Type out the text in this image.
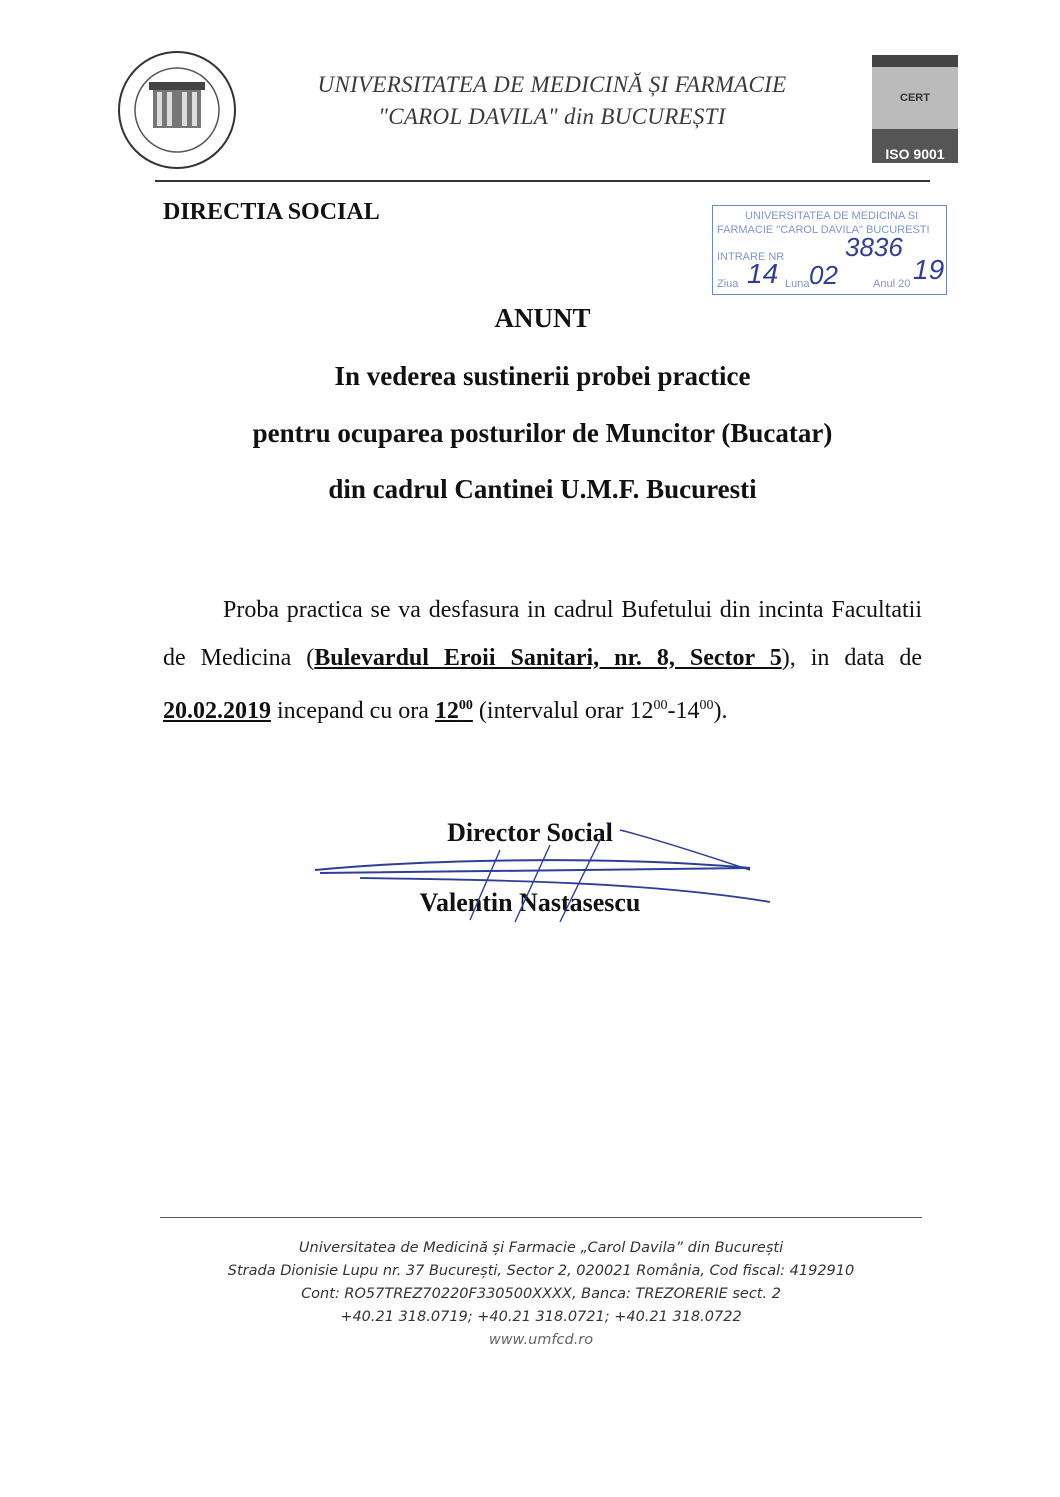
UNIVERSITATEA DE MEDICINĂ ȘI FARMACIE
"CAROL DAVILA" din BUCUREȘTI
CERT
ISO 9001
DIRECTIA SOCIAL	UNIVERSITATEA DE MEDICINA SI
FARMACIE "CAROL DAVILA" BUCURESTI
INTRARE NR 3836
Ziua 14 Luna 02	Anul 20 19
ANUNT
In vederea sustinerii probei practice
pentru ocuparea posturilor de Muncitor (Bucatar)
din cadrul Cantinei U.M.F. Bucuresti
Proba practica se va desfasura in cadrul Bufetului din incinta Facultatii de Medicina (Bulevardul Eroii Sanitari, nr. 8, Sector 5), in data de 20.02.2019 incepand cu ora $12^{00}$ (intervalul orar $12^{00}-14^{00}$).
Director Social
Valentin Nastasescu
Universitatea de Medicină și Farmacie „Carol Davila” din București
Strada Dionisie Lupu nr. 37 București, Sector 2, 020021 România, Cod fiscal: 4192910
Cont: RO57TREZ70220F330500XXXX, Banca: TREZORERIE sect. 2
+40.21 318.0719; +40.21 318.0721; +40.21 318.0722
www.umfcd.ro
